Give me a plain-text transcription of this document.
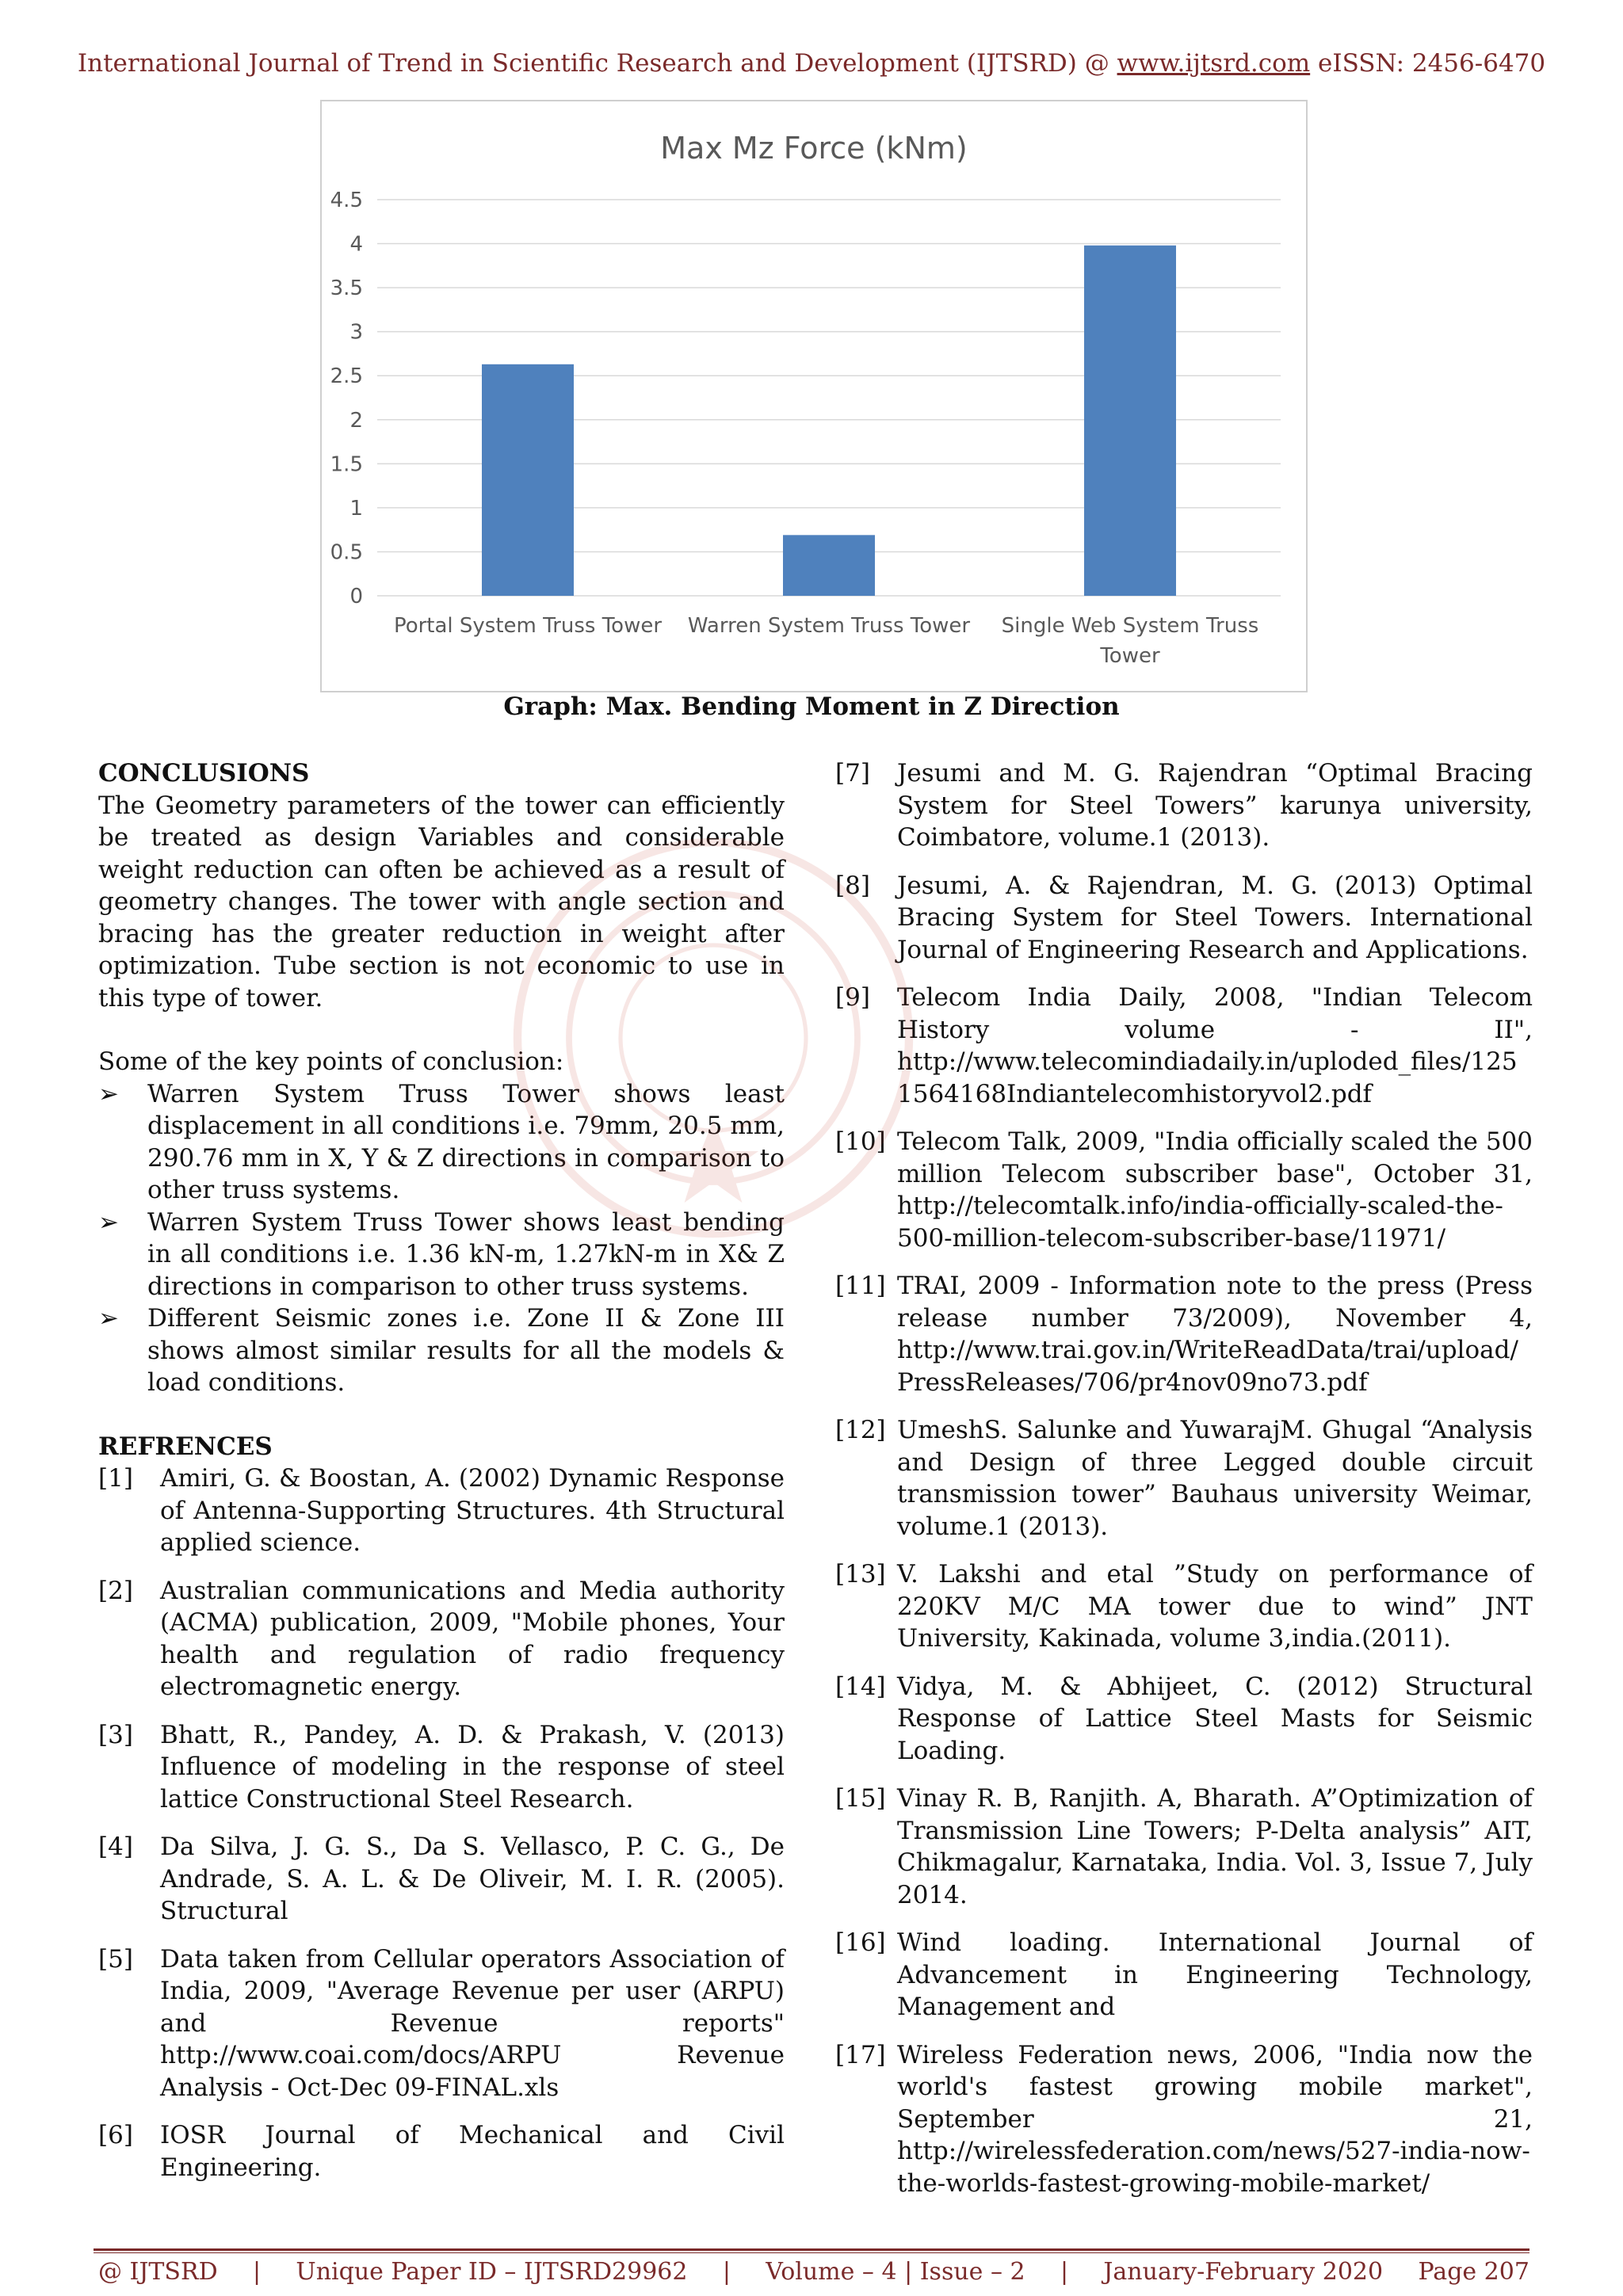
International Journal of Trend in Scientific Research and Development (IJTSRD) @ www.ijtsrd.com eISSN: 2456-6470
Max Mz Force (kNm)
0
0.5
1
1.5
2
2.5
3
3.5
4
4.5
Portal System Truss Tower Warren System Truss Tower Single Web System Truss
Tower
Graph: Max. Bending Moment in Z Direction
CONCLUSIONS
The Geometry parameters of the tower can efficiently be treated as design Variables and considerable weight reduction can often be achieved as a result of geometry changes. The tower with angle section and bracing has the greater reduction in weight after optimization. Tube section is not economic to use in this type of tower.
Some of the key points of conclusion:
➢ Warren System Truss Tower shows least displacement in all conditions i.e. 79mm, 20.5 mm, 290.76 mm in X, Y & Z directions in comparison to other truss systems.
➢ Warren System Truss Tower shows least bending in all conditions i.e. 1.36 kN-m, 1.27kN-m in X& Z directions in comparison to other truss systems.
➢ Different Seismic zones i.e. Zone II & Zone III shows almost similar results for all the models & load conditions.
REFRENCES
[1]	Amiri, G. & Boostan, A. (2002) Dynamic Response of Antenna-Supporting Structures. 4th Structural applied science.
[2]	Australian communications and Media authority (ACMA) publication, 2009, "Mobile phones, Your health and regulation of radio frequency electromagnetic energy.
[3]	Bhatt, R., Pandey, A. D. & Prakash, V. (2013) Influence of modeling in the response of steel lattice Constructional Steel Research.
[4]	Da Silva, J. G. S., Da S. Vellasco, P. C. G., De Andrade, S. A. L. & De Oliveir, M. I. R. (2005). Structural
[5]	Data taken from Cellular operators Association of India, 2009, "Average Revenue per user (ARPU) and Revenue reports" http://www.coai.com/docs/ARPU Revenue Analysis - Oct-Dec 09-FINAL.xls
[6]	IOSR Journal of Mechanical and Civil Engineering.
[7]	Jesumi and M. G. Rajendran “Optimal Bracing System for Steel Towers” karunya university, Coimbatore, volume.1 (2013).
[8]	Jesumi, A. & Rajendran, M. G. (2013) Optimal Bracing System for Steel Towers. International Journal of Engineering Research and Applications.
[9]	Telecom India Daily, 2008, "Indian Telecom History volume - II", http://www.telecomindiadaily.in/uploded_files/1251564168Indiantelecomhistoryvol2.pdf
[10] Telecom Talk, 2009, "India officially scaled the 500 million Telecom subscriber base", October 31, http://telecomtalk.info/india-officially-scaled-the-500-million-telecom-subscriber-base/11971/
[11] TRAI, 2009 - Information note to the press (Press release number 73/2009), November 4, http://www.trai.gov.in/WriteReadData/trai/upload/PressReleases/706/pr4nov09no73.pdf
[12] UmeshS. Salunke and YuwarajM. Ghugal “Analysis and Design of three Legged double circuit transmission tower” Bauhaus university Weimar, volume.1 (2013).
[13] V. Lakshi and etal ”Study on performance of 220KV M/C MA tower due to wind” JNT University, Kakinada, volume 3,india.(2011).
[14] Vidya, M. & Abhijeet, C. (2012) Structural Response of Lattice Steel Masts for Seismic Loading.
[15] Vinay R. B, Ranjith. A, Bharath. A”Optimization of Transmission Line Towers; P-Delta analysis” AIT, Chikmagalur, Karnataka, India. Vol. 3, Issue 7, July 2014.
[16] Wind loading. International Journal of Advancement in Engineering Technology, Management and
[17] Wireless Federation news, 2006, "India now the world's fastest growing mobile market", September 21, http://wirelessfederation.com/news/527-india-now-the-worlds-fastest-growing-mobile-market/
@ IJTSRD | Unique Paper ID – IJTSRD29962 | Volume – 4 | Issue – 2 | January-February 2020 Page 207
